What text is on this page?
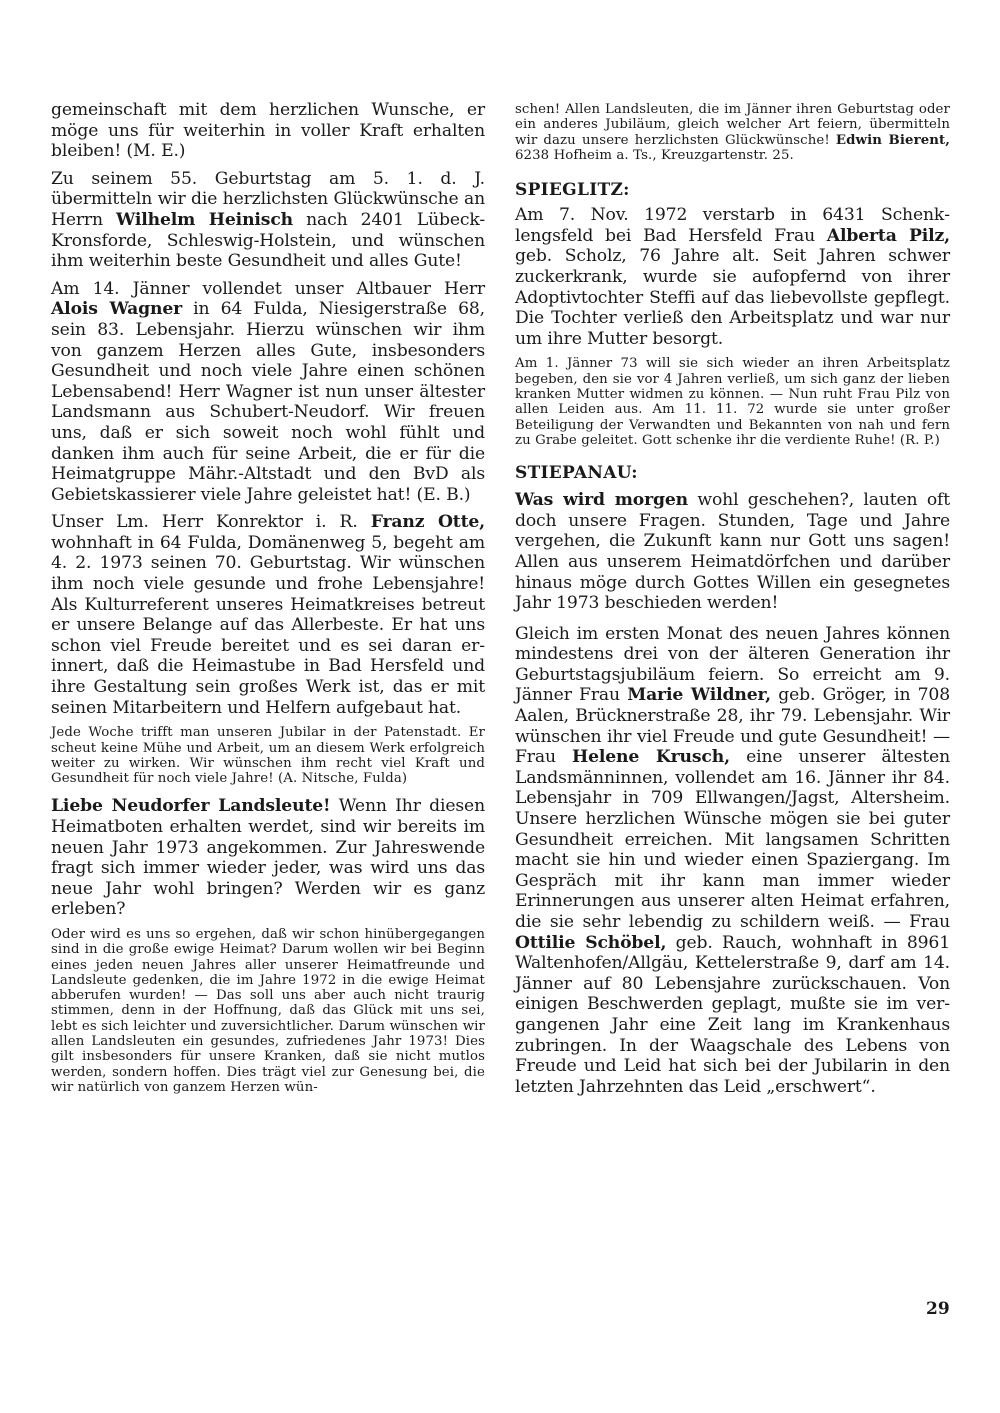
gemeinschaft mit dem herzlichen Wunsche, er möge uns für weiterhin in voller Kraft erhalten bleiben! (M. E.)

Zu seinem 55. Geburtstag am 5. 1. d. J. übermitteln wir die herzlichsten Glückwünsche an Herrn Wilhelm Heinisch nach 2401 Lübeck-Kronsforde, Schleswig-Holstein, und wünschen ihm weiterhin beste Gesundheit und alles Gute!

Am 14. Jänner vollendet unser Altbauer Herr Alois Wagner in 64 Fulda, Niesigerstraße 68, sein 83. Lebensjahr. Hierzu wünschen wir ihm von ganzem Herzen alles Gute, insbesonders Gesundheit und noch viele Jahre einen schönen Lebensabend! Herr Wagner ist nun unser ältester Landsmann aus Schubert-Neudorf. Wir freuen uns, daß er sich soweit noch wohl fühlt und danken ihm auch für seine Arbeit, die er für die Heimatgruppe Mähr.-Altstadt und den BvD als Gebietskassierer viele Jahre geleistet hat! (E. B.)

Unser Lm. Herr Konrektor i. R. Franz Otte, wohnhaft in 64 Fulda, Domänenweg 5, begeht am 4. 2. 1973 seinen 70. Geburtstag. Wir wünschen ihm noch viele gesunde und frohe Lebensjahre! Als Kulturreferent unseres Heimatkreises betreut er unsere Belange auf das Allerbeste. Er hat uns schon viel Freude bereitet und es sei daran erinnert, daß die Heimastube in Bad Hersfeld und ihre Gestaltung sein großes Werk ist, das er mit seinen Mitarbeitern und Helfern aufgebaut hat.

Jede Woche trifft man unseren Jubilar in der Patenstadt. Er scheut keine Mühe und Arbeit, um an diesem Werk erfolgreich weiter zu wirken. Wir wünschen ihm recht viel Kraft und Gesundheit für noch viele Jahre! (A. Nitsche, Fulda)

Liebe Neudorfer Landsleute! Wenn Ihr diesen Heimatboten erhalten werdet, sind wir bereits im neuen Jahr 1973 angekommen. Zur Jahreswende fragt sich immer wieder jeder, was wird uns das neue Jahr wohl bringen? Werden wir es ganz erleben?

Oder wird es uns so ergehen, daß wir schon hinübergegangen sind in die große ewige Heimat? Darum wollen wir bei Beginn eines jeden neuen Jahres aller unserer Heimatfreunde und Landsleute gedenken, die im Jahre 1972 in die ewige Heimat abberufen wurden! — Das soll uns aber auch nicht traurig stimmen, denn in der Hoffnung, daß das Glück mit uns sei, lebt es sich leichter und zuversichtlicher. Darum wünschen wir allen Landsleuten ein gesundes, zufriedenes Jahr 1973! Dies gilt insbesonders für unsere Kranken, daß sie nicht mutlos werden, sondern hoffen. Dies trägt viel zur Genesung bei, die wir natürlich von ganzem Herzen wün-

schen! Allen Landsleuten, die im Jänner ihren Geburtstag oder ein anderes Jubiläum, gleich welcher Art feiern, übermitteln wir dazu unsere herzlichsten Glückwünsche! Edwin Bierent, 6238 Hofheim a. Ts., Kreuzgartenstr. 25.

SPIEGLITZ:

Am 7. Nov. 1972 verstarb in 6431 Schenklengsfeld bei Bad Hersfeld Frau Alberta Pilz, geb. Scholz, 76 Jahre alt. Seit Jahren schwer zuckerkrank, wurde sie aufopfernd von ihrer Adoptivtochter Steffi auf das liebevollste gepflegt. Die Tochter verließ den Arbeitsplatz und war nur um ihre Mutter besorgt.

Am 1. Jänner 73 will sie sich wieder an ihren Arbeitsplatz begeben, den sie vor 4 Jahren verließ, um sich ganz der lieben kranken Mutter widmen zu können. — Nun ruht Frau Pilz von allen Leiden aus. Am 11. 11. 72 wurde sie unter großer Beteiligung der Verwandten und Bekannten von nah und fern zu Grabe geleitet. Gott schenke ihr die verdiente Ruhe! (R. P.)

STIEPANAU:

Was wird morgen wohl geschehen?, lauten oft doch unsere Fragen. Stunden, Tage und Jahre vergehen, die Zukunft kann nur Gott uns sagen! Allen aus unserem Heimatdörfchen und darüber hinaus möge durch Gottes Willen ein gesegnetes Jahr 1973 beschieden werden!

Gleich im ersten Monat des neuen Jahres können mindestens drei von der älteren Generation ihr Geburtstagsjubiläum feiern. So erreicht am 9. Jänner Frau Marie Wildner, geb. Gröger, in 708 Aalen, Brücknerstraße 28, ihr 79. Lebensjahr. Wir wünschen ihr viel Freude und gute Gesundheit! — Frau Helene Krusch, eine unserer ältesten Landsmänninnen, vollendet am 16. Jänner ihr 84. Lebensjahr in 709 Ellwangen/Jagst, Altersheim. Unsere herzlichen Wünsche mögen sie bei guter Gesundheit erreichen. Mit langsamen Schritten macht sie hin und wieder einen Spaziergang. Im Gespräch mit ihr kann man immer wieder Erinnerungen aus unserer alten Heimat erfahren, die sie sehr lebendig zu schildern weiß. — Frau Ottilie Schöbel, geb. Rauch, wohnhaft in 8961 Waltenhofen/Allgäu, Kettelerstraße 9, darf am 14. Jänner auf 80 Lebensjahre zurückschauen. Von einigen Beschwerden geplagt, mußte sie im vergangenen Jahr eine Zeit lang im Krankenhaus zubringen. In der Waagschale des Lebens von Freude und Leid hat sich bei der Jubilarin in den letzten Jahrzehnten das Leid „erschwert“.

29
